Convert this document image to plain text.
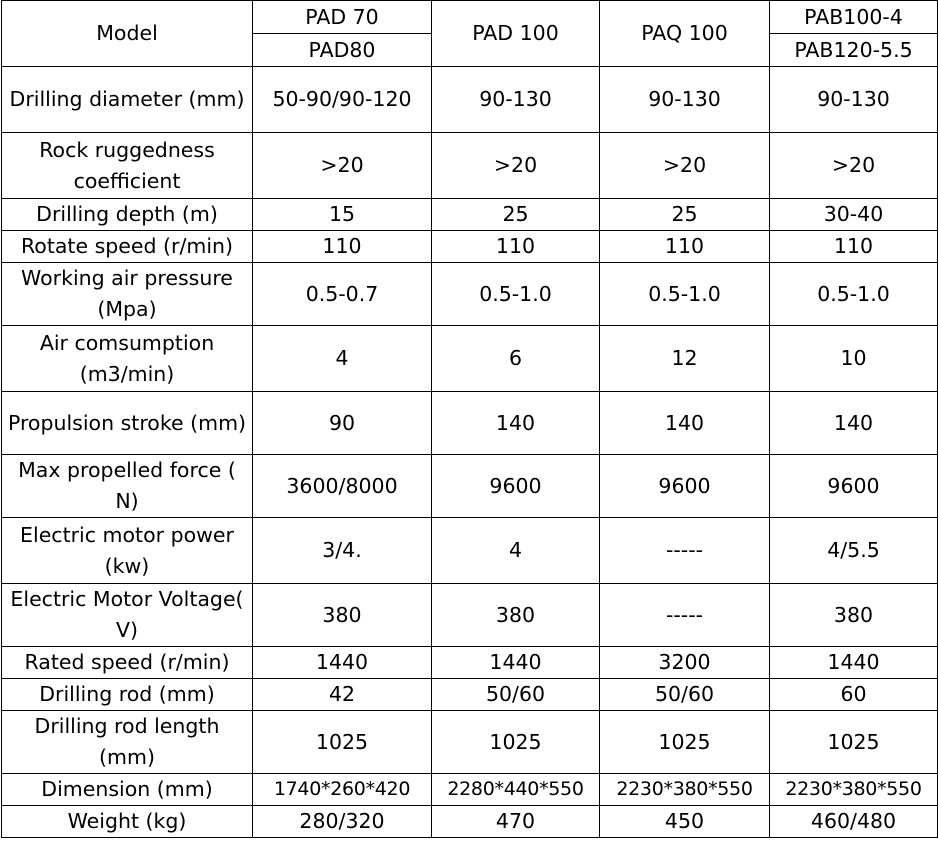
Model	PAD 70	PAD 100	PAQ 100	PAB100-4
	PAD80			PAB120-5.5
Drilling diameter (mm)	50-90/90-120	90-130	90-130	90-130
Rock ruggedness coefficient	>20	>20	>20	>20
Drilling depth (m)	15	25	25	30-40
Rotate speed (r/min)	110	110	110	110
Working air pressure (Mpa)	0.5-0.7	0.5-1.0	0.5-1.0	0.5-1.0
Air comsumption (m3/min)	4	6	12	10
Propulsion stroke (mm)	90	140	140	140
Max propelled force ( N)	3600/8000	9600	9600	9600
Electric motor power (kw)	3/4.	4	-----	4/5.5
Electric Motor Voltage( V)	380	380	-----	380
Rated speed (r/min)	1440	1440	3200	1440
Drilling rod (mm)	42	50/60	50/60	60
Drilling rod length (mm)	1025	1025	1025	1025
Dimension (mm)	1740*260*420	2280*440*550	2230*380*550	2230*380*550
Weight (kg)	280/320	470	450	460/480
